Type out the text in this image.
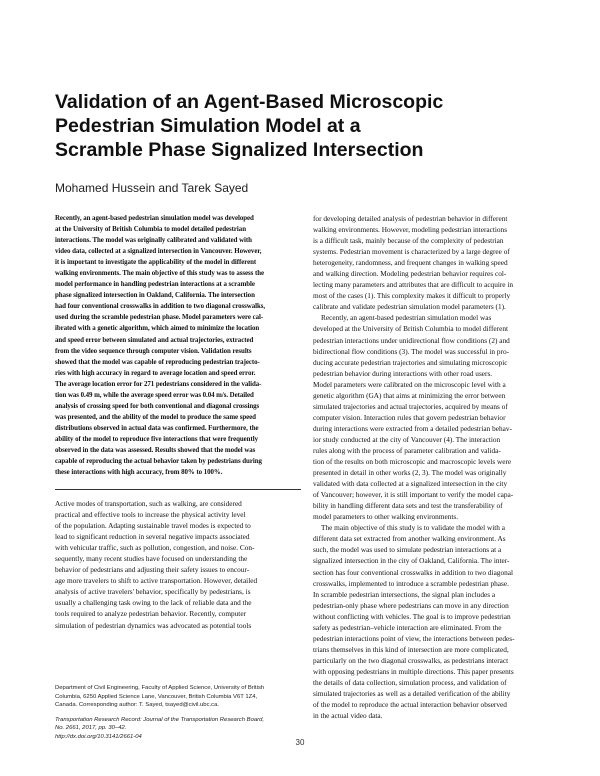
Validation of an Agent-Based Microscopic
Pedestrian Simulation Model at a
Scramble Phase Signalized Intersection
Mohamed Hussein and Tarek Sayed

Recently, an agent-based pedestrian simulation model was developed
at the University of British Columbia to model detailed pedestrian
interactions. The model was originally calibrated and validated with
video data, collected at a signalized intersection in Vancouver. However,
it is important to investigate the applicability of the model in different
walking environments. The main objective of this study was to assess the
model performance in handling pedestrian interactions at a scramble
phase signalized intersection in Oakland, California. The intersection
had four conventional crosswalks in addition to two diagonal crosswalks,
used during the scramble pedestrian phase. Model parameters were cal-
ibrated with a genetic algorithm, which aimed to minimize the location
and speed error between simulated and actual trajectories, extracted
from the video sequence through computer vision. Validation results
showed that the model was capable of reproducing pedestrian trajecto-
ries with high accuracy in regard to average location and speed error.
The average location error for 271 pedestrians considered in the valida-
tion was 0.49 m, while the average speed error was 0.04 m/s. Detailed
analysis of crossing speed for both conventional and diagonal crossings
was presented, and the ability of the model to produce the same speed
distributions observed in actual data was confirmed. Furthermore, the
ability of the model to reproduce five interactions that were frequently
observed in the data was assessed. Results showed that the model was
capable of reproducing the actual behavior taken by pedestrians during
these interactions with high accuracy, from 80% to 100%.

Active modes of transportation, such as walking, are considered
practical and effective tools to increase the physical activity level
of the population. Adapting sustainable travel modes is expected to
lead to significant reduction in several negative impacts associated
with vehicular traffic, such as pollution, congestion, and noise. Con-
sequently, many recent studies have focused on understanding the
behavior of pedestrians and adjusting their safety issues to encour-
age more travelers to shift to active transportation. However, detailed
analysis of active travelers' behavior, specifically by pedestrians, is
usually a challenging task owing to the lack of reliable data and the
tools required to analyze pedestrian behavior. Recently, computer
simulation of pedestrian dynamics was advocated as potential tools

for developing detailed analysis of pedestrian behavior in different
walking environments. However, modeling pedestrian interactions
is a difficult task, mainly because of the complexity of pedestrian
systems. Pedestrian movement is characterized by a large degree of
heterogeneity, randomness, and frequent changes in walking speed
and walking direction. Modeling pedestrian behavior requires col-
lecting many parameters and attributes that are difficult to acquire in
most of the cases (1). This complexity makes it difficult to properly
calibrate and validate pedestrian simulation model parameters (1).

Recently, an agent-based pedestrian simulation model was
developed at the University of British Columbia to model different
pedestrian interactions under unidirectional flow conditions (2) and
bidirectional flow conditions (3). The model was successful in pro-
ducing accurate pedestrian trajectories and simulating microscopic
pedestrian behavior during interactions with other road users.
Model parameters were calibrated on the microscopic level with a
genetic algorithm (GA) that aims at minimizing the error between
simulated trajectories and actual trajectories, acquired by means of
computer vision. Interaction rules that govern pedestrian behavior
during interactions were extracted from a detailed pedestrian behav-
ior study conducted at the city of Vancouver (4). The interaction
rules along with the process of parameter calibration and valida-
tion of the results on both microscopic and macroscopic levels were
presented in detail in other works (2, 3). The model was originally
validated with data collected at a signalized intersection in the city
of Vancouver; however, it is still important to verify the model capa-
bility in handling different data sets and test the transferability of
model parameters to other walking environments.

The main objective of this study is to validate the model with a
different data set extracted from another walking environment. As
such, the model was used to simulate pedestrian interactions at a
signalized intersection in the city of Oakland, California. The inter-
section has four conventional crosswalks in addition to two diagonal
crosswalks, implemented to introduce a scramble pedestrian phase.
In scramble pedestrian intersections, the signal plan includes a
pedestrian-only phase where pedestrians can move in any direction
without conflicting with vehicles. The goal is to improve pedestrian
safety as pedestrian–vehicle interaction are eliminated. From the
pedestrian interactions point of view, the interactions between pedes-
trians themselves in this kind of intersection are more complicated,
particularly on the two diagonal crosswalks, as pedestrians interact
with opposing pedestrians in multiple directions. This paper presents
the details of data collection, simulation process, and validation of
simulated trajectories as well as a detailed verification of the ability
of the model to reproduce the actual interaction behavior observed
in the actual video data.

Department of Civil Engineering, Faculty of Applied Science, University of British
Columbia, 6250 Applied Science Lane, Vancouver, British Columbia V6T 1Z4,
Canada. Corresponding author: T. Sayed, tsayed@civil.ubc.ca.

Transportation Research Record: Journal of the Transportation Research Board,
No. 2661, 2017, pp. 30–42.
http://dx.doi.org/10.3141/2661-04

30
